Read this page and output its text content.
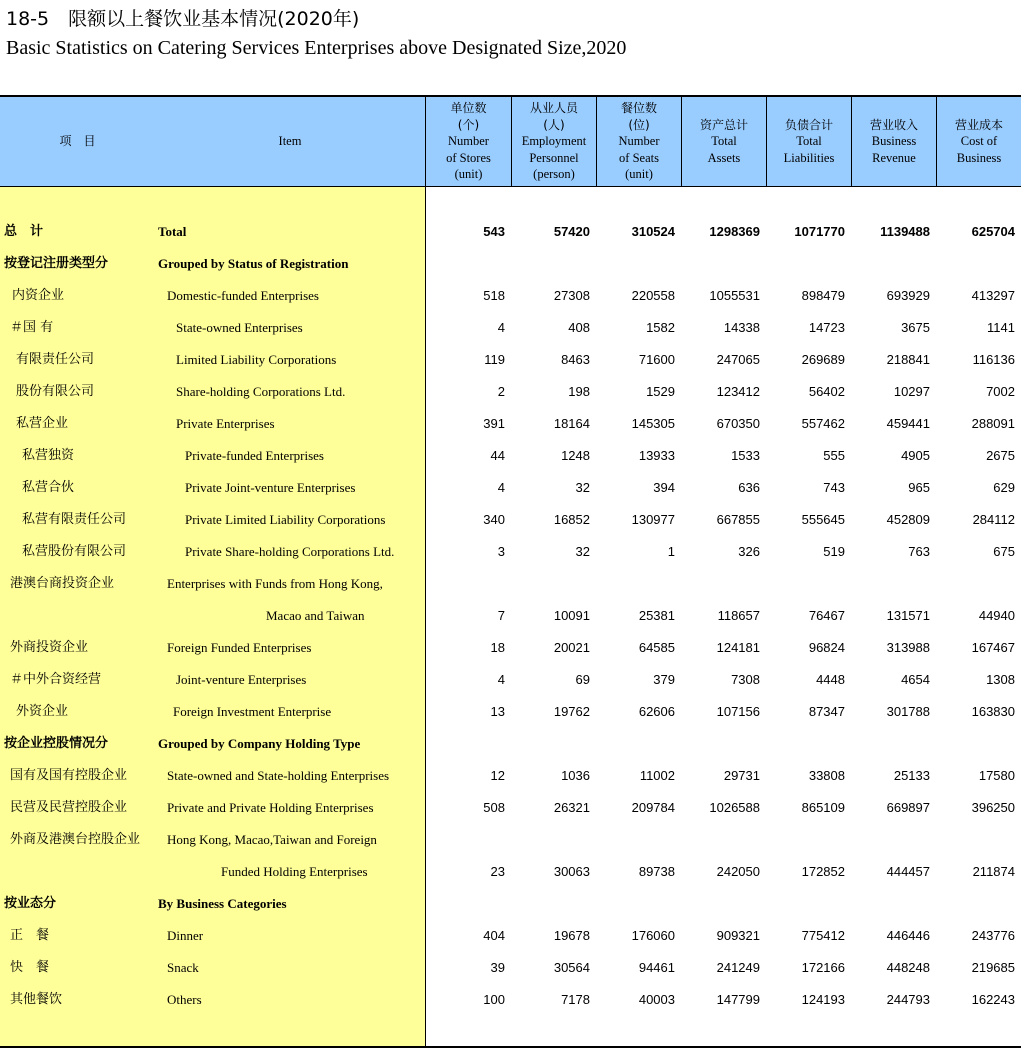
18-5　限额以上餐饮业基本情况(2020年)
Basic Statistics on Catering Services Enterprises above Designated Size,2020
项　目	Item
单位数
(个)
Number
of Stores
(unit)
从业人员
(人)
Employment
Personnel
(person)
餐位数
(位)
Number
of Seats
(unit)
资产总计
Total
Assets
负债合计
Total
Liabilities
营业收入
Business
Revenue
营业成本
Cost of
Business
总　计	Total	543	57420	310524	1298369	1071770	1139488	625704
按登记注册类型分	Grouped by Status of Registration
内资企业	Domestic-funded Enterprises	518	27308	220558	1055531	898479	693929	413297
＃国 有	State-owned Enterprises	4	408	1582	14338	14723	3675	1141
有限责任公司	Limited Liability Corporations	119	8463	71600	247065	269689	218841	116136
股份有限公司	Share-holding Corporations Ltd.	2	198	1529	123412	56402	10297	7002
私营企业	Private Enterprises	391	18164	145305	670350	557462	459441	288091
私营独资	Private-funded Enterprises	44	1248	13933	1533	555	4905	2675
私营合伙	Private Joint-venture Enterprises	4	32	394	636	743	965	629
私营有限责任公司	Private Limited Liability Corporations	340	16852	130977	667855	555645	452809	284112
私营股份有限公司	Private Share-holding Corporations Ltd.	3	32	1	326	519	763	675
港澳台商投资企业	Enterprises with Funds from Hong Kong,
Macao and Taiwan	7	10091	25381	118657	76467	131571	44940
外商投资企业	Foreign Funded Enterprises	18	20021	64585	124181	96824	313988	167467
＃中外合资经营	Joint-venture Enterprises	4	69	379	7308	4448	4654	1308
外资企业	Foreign Investment Enterprise	13	19762	62606	107156	87347	301788	163830
按企业控股情况分	Grouped by Company Holding Type
国有及国有控股企业	State-owned and State-holding Enterprises	12	1036	11002	29731	33808	25133	17580
民营及民营控股企业	Private and Private Holding Enterprises	508	26321	209784	1026588	865109	669897	396250
外商及港澳台控股企业 Hong Kong, Macao,Taiwan and Foreign
Funded Holding Enterprises	23	30063	89738	242050	172852	444457	211874
按业态分	By Business Categories
正　餐	Dinner	404	19678	176060	909321	775412	446446	243776
快　餐	Snack	39	30564	94461	241249	172166	448248	219685
其他餐饮	Others	100	7178	40003	147799	124193	244793	162243
